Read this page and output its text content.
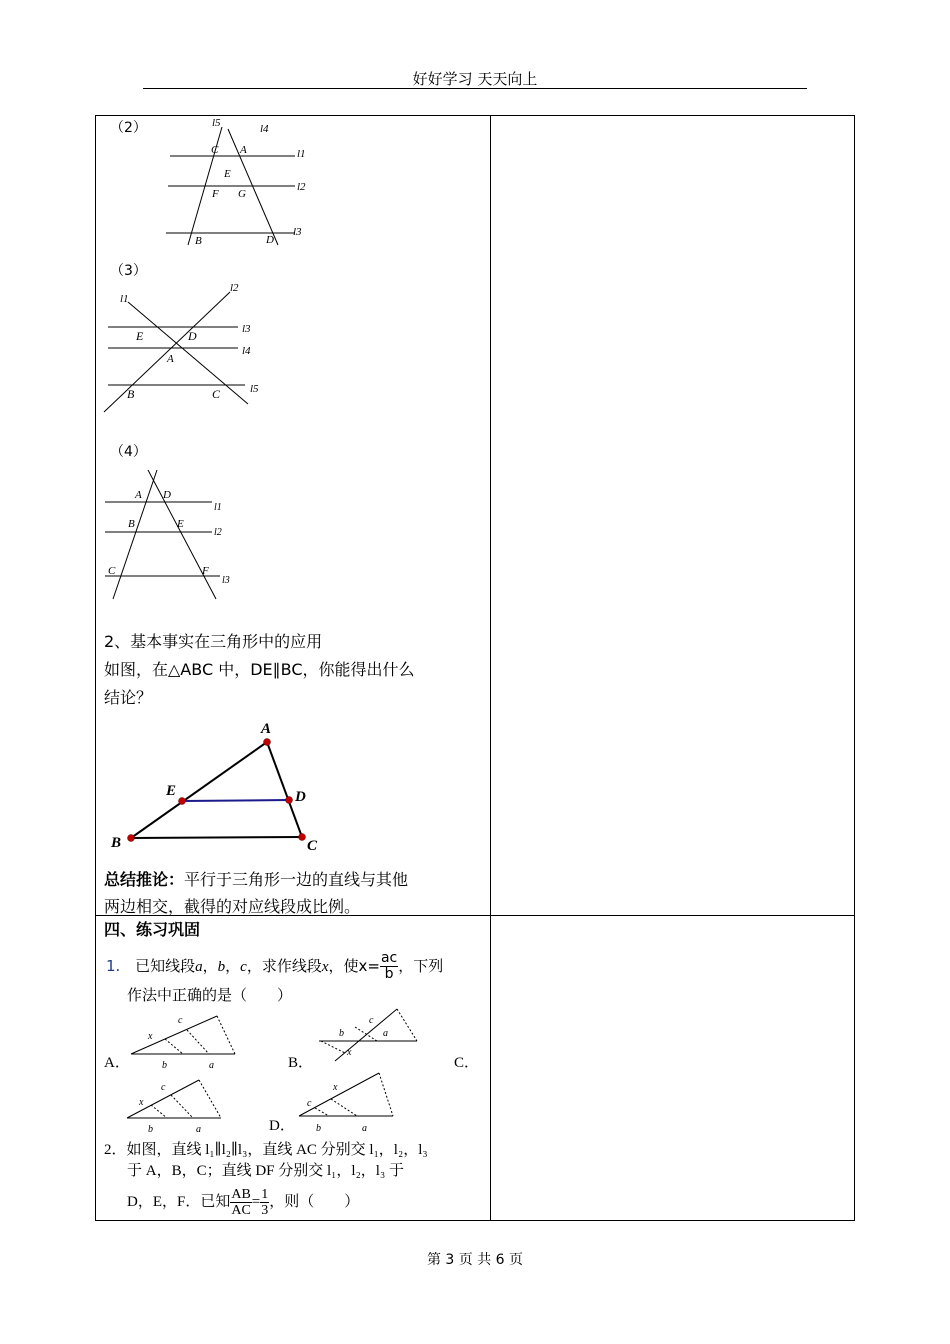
好好学习 天天向上
（2）	l5	l4
l1
l2
l3
C A
E
F G
B	D
（3）
l1
l2
l3
l4
l5
E	D
A
B	C
（4）
l1
l2
l3
A D
B	E
C	F
2、基本事实在三角形中的应用
如图，在△ABC 中，DE∥BC，你能得出什么
结论？
A
E	D
B	C
总结推论：平行于三角形一边的直线与其他
两边相交，截得的对应线段成比例。
四、练习巩固
1. 已知线段a，b，c，求作线段x，使$x= \frac{ac}{b}$ ，下列
作法中正确的是（　　）
x
c
b	a
A．
b
c
a
x
B．	C．
x
c
b	a
c
x
b	a
D．
2．如图，直线 l₁∥l₂∥l₃，直线 AC 分别交 l₁，l₂，l₃
于 A，B，C；直线 DF 分别交 l₁，l₂，l₃ 于
D，E，F．已知 $\frac{AB}{AC} = \frac{1}{3}$ ，则（　　）
第 3 页 共 6 页
